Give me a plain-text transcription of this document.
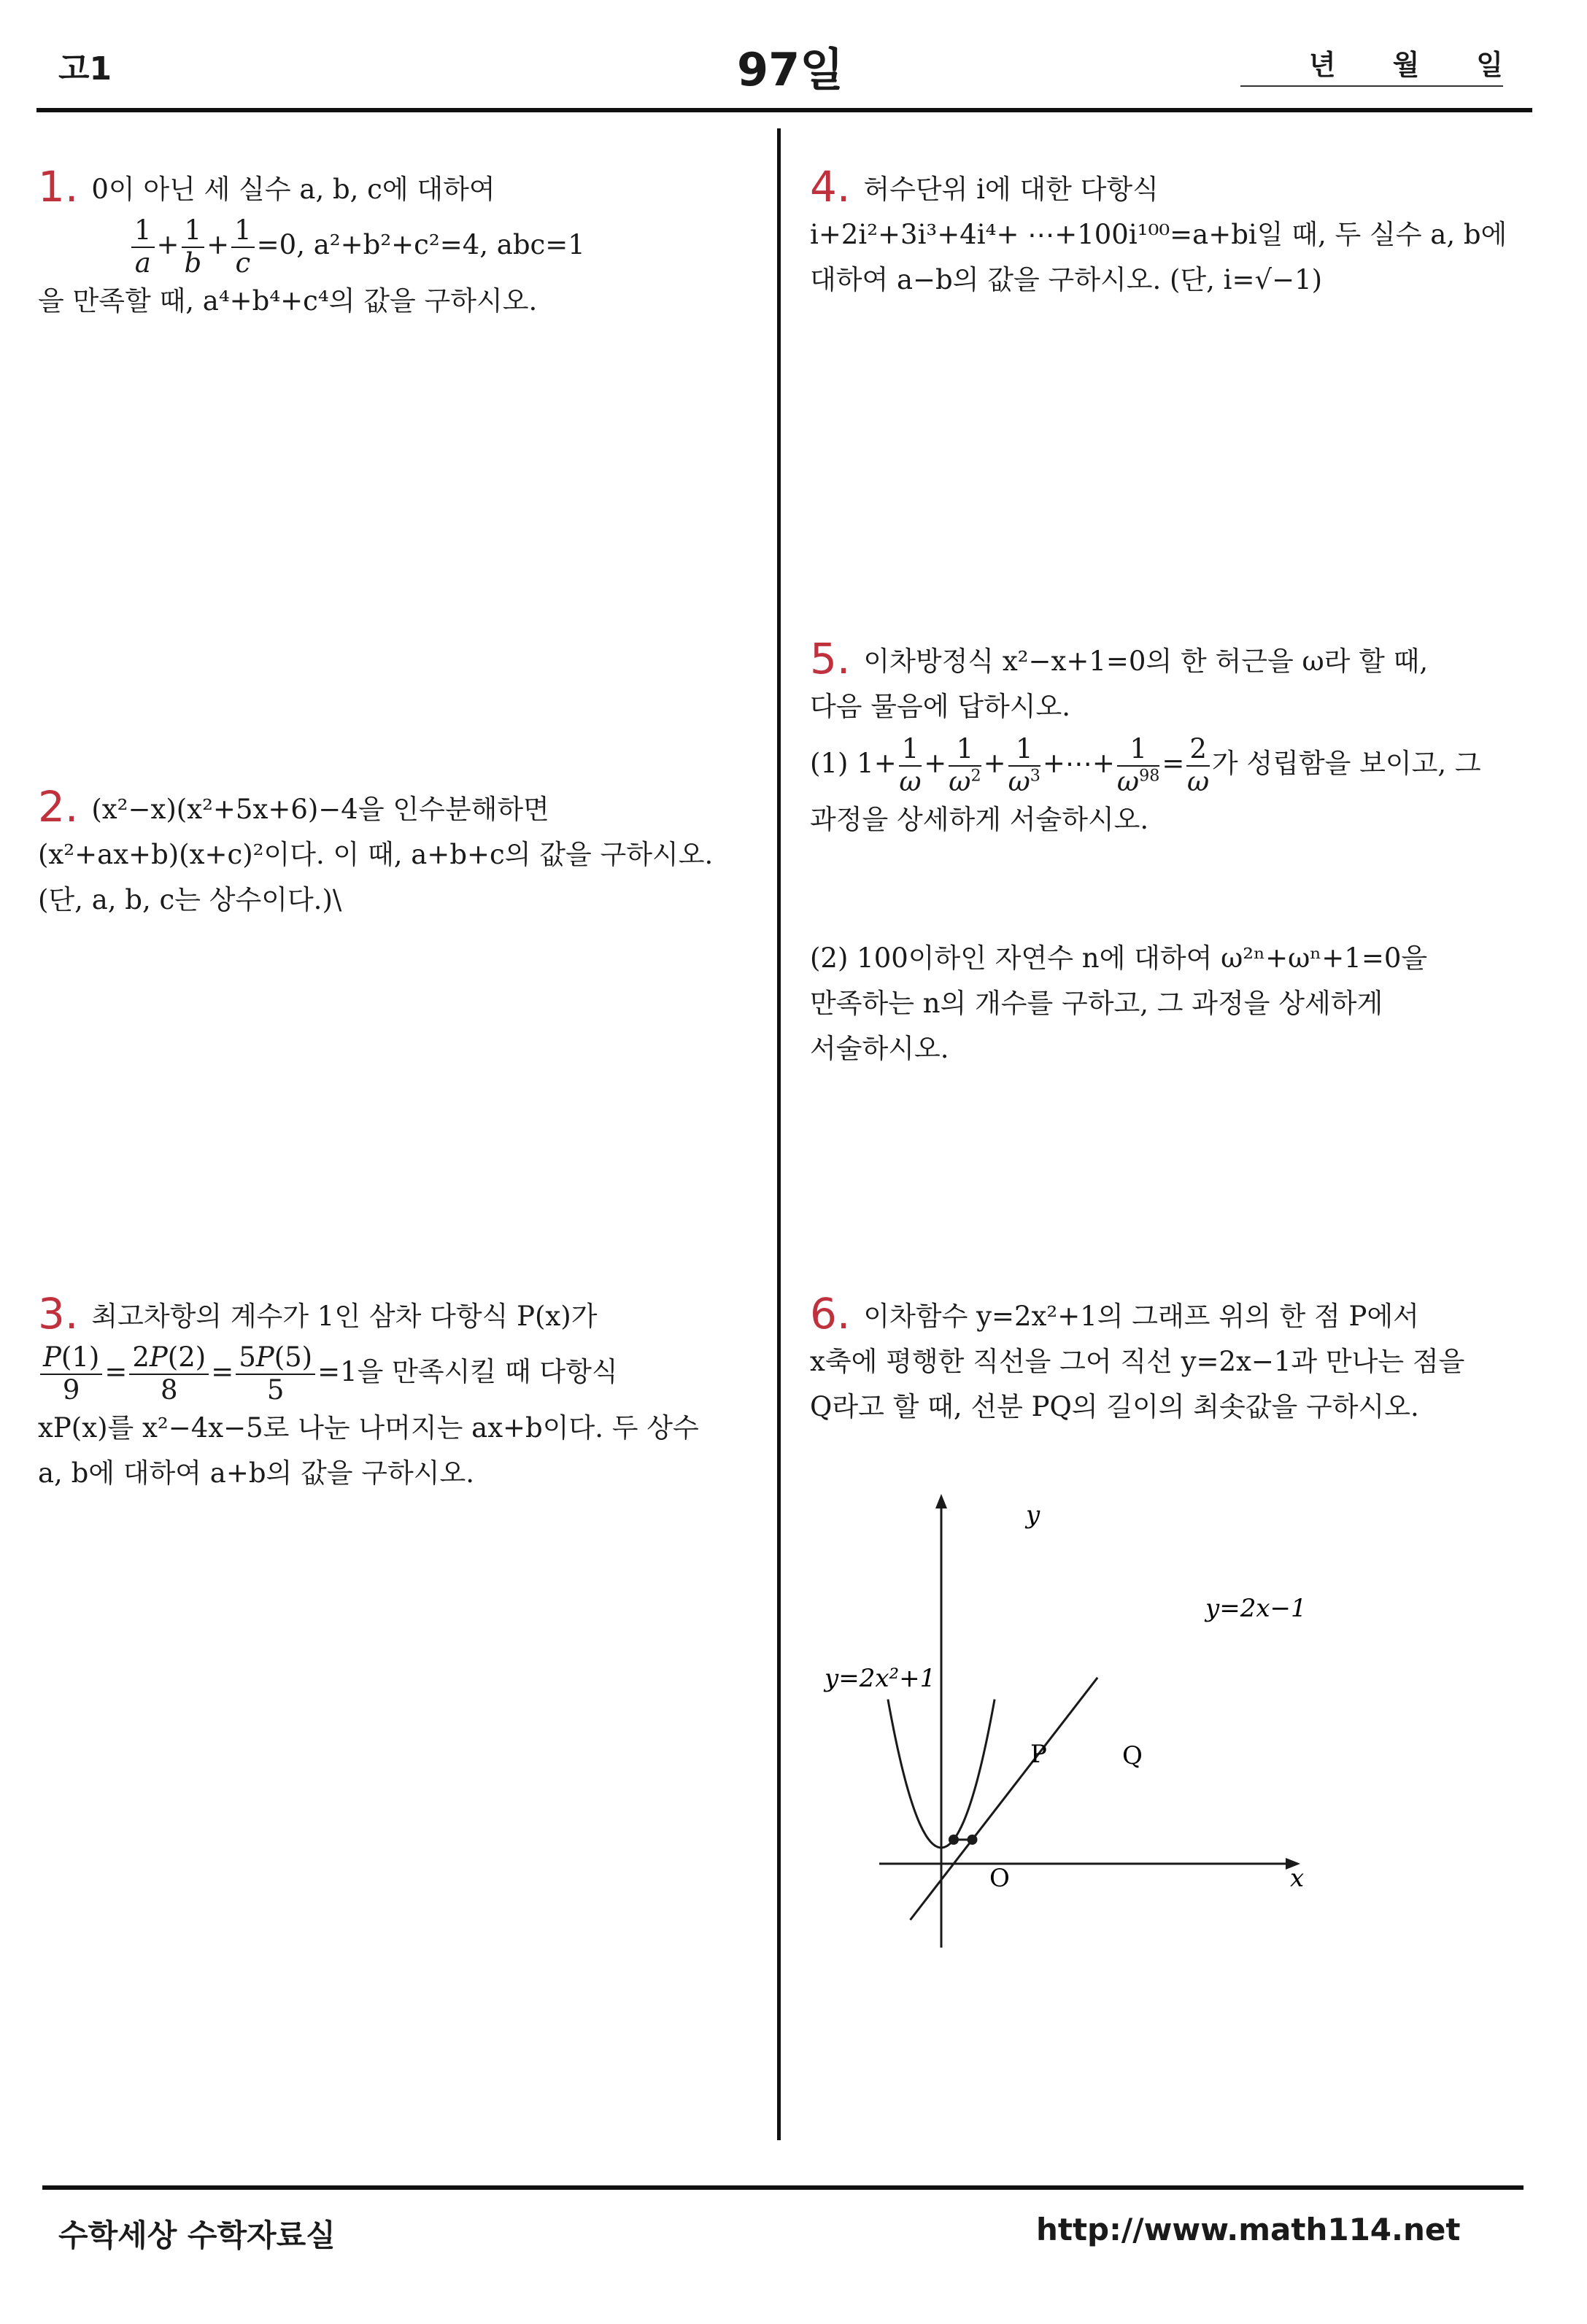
고1	97일	년 월 일
1. 0이 아닌 세 실수 a, b, c에 대하여
$\frac{1}{a} + \frac{1}{b} + \frac{1}{c} =0$, a²+b²+c²=4, abc=1
을 만족할 때, a⁴+b⁴+c⁴의 값을 구하시오.
2. (x²−x)(x²+5x+6)−4을 인수분해하면
(x²+ax+b)(x+c)²이다. 이 때, a+b+c의 값을 구하시오.
(단, a, b, c는 상수이다.)\
3. 최고차항의 계수가 1인 삼차 다항식 P(x)가
$\frac{P(1)}{9} = \frac{2P(2)}{8} = \frac{5P(5)}{5} =1$을 만족시킬 때 다항식
xP(x)를 x²−4x−5로 나눈 나머지는 ax+b이다. 두 상수
a, b에 대하여 a+b의 값을 구하시오.
4. 허수단위 i에 대한 다항식
i+2i²+3i³+4i⁴+ ⋯+100i¹⁰⁰=a+bi일 때, 두 실수 a, b에
대하여 a−b의 값을 구하시오. (단, i=√−1)
5. 이차방정식 x²−x+1=0의 한 허근을 ω라 할 때,
다음 물음에 답하시오.
(1) $1+ \frac{1}{\omega} + \frac{1}{\omega^2} + \frac{1}{\omega^3}$ +⋯+ $\frac{1}{\omega^{98}} = \frac{2}{\omega}$ 가 성립함을 보이고, 그
과정을 상세하게 서술하시오.
(2) 100이하인 자연수 n에 대하여 ω²ⁿ+ωⁿ+1=0을
만족하는 n의 개수를 구하고, 그 과정을 상세하게
서술하시오.
6. 이차함수 y=2x²+1의 그래프 위의 한 점 P에서
x축에 평행한 직선을 그어 직선 y=2x−1과 만나는 점을
Q라고 할 때, 선분 PQ의 길이의 최솟값을 구하시오.
y
x
O
y=2x²+1
y=2x−1
P	Q
수학세상 수학자료실	http://www.math114.net
